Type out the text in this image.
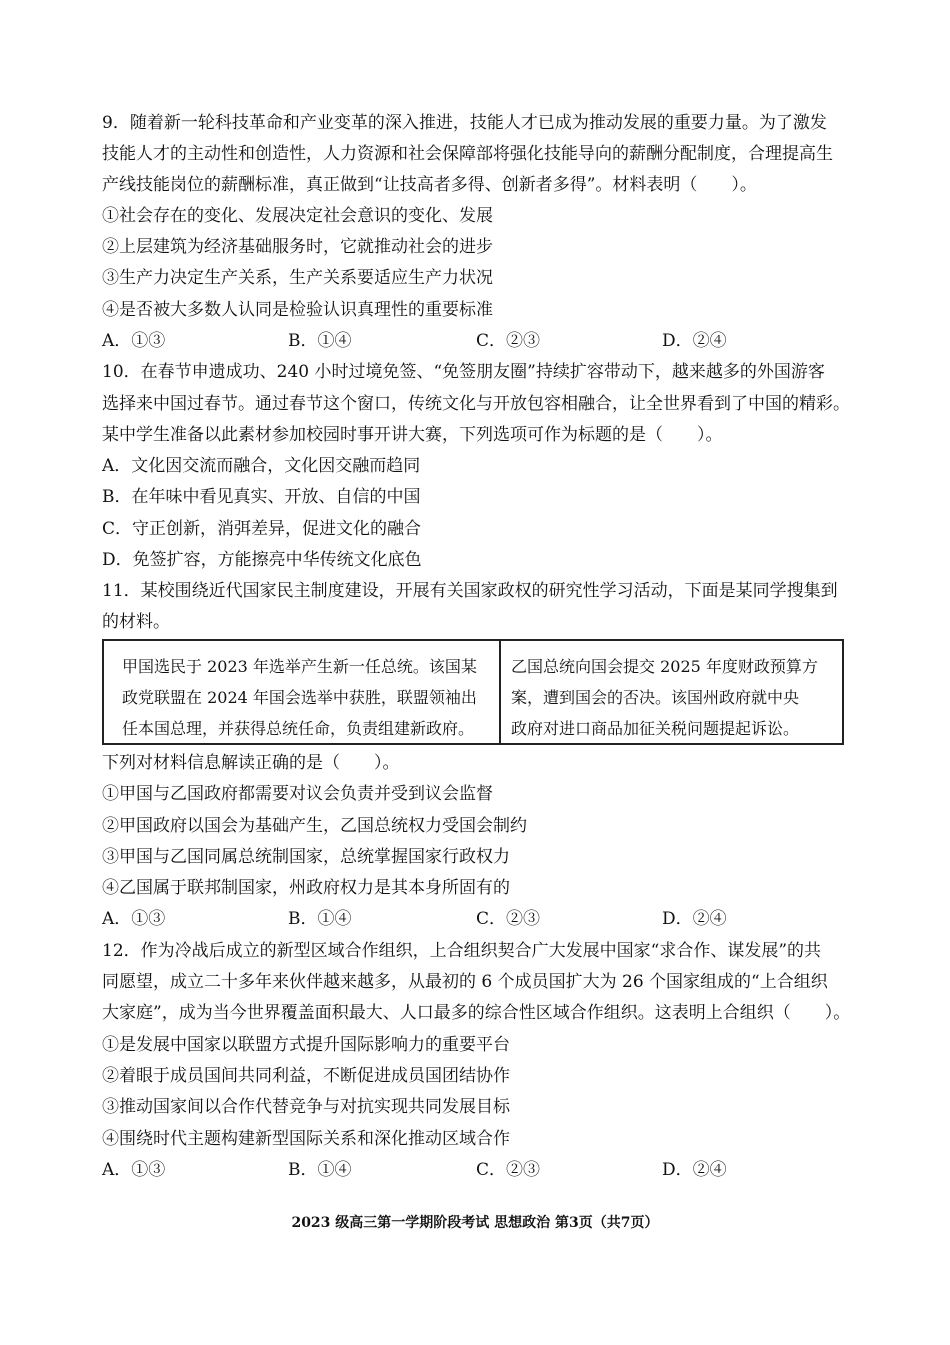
9．随着新一轮科技革命和产业变革的深入推进，技能人才已成为推动发展的重要力量。为了激发
技能人才的主动性和创造性，人力资源和社会保障部将强化技能导向的薪酬分配制度，合理提高生
产线技能岗位的薪酬标准，真正做到“让技高者多得、创新者多得”。材料表明（　　）。
①社会存在的变化、发展决定社会意识的变化、发展
②上层建筑为经济基础服务时，它就推动社会的进步
③生产力决定生产关系，生产关系要适应生产力状况
④是否被大多数人认同是检验认识真理性的重要标准
A．①③	B．①④	C．②③	D．②④
10．在春节申遗成功、240 小时过境免签、“免签朋友圈”持续扩容带动下，越来越多的外国游客
选择来中国过春节。通过春节这个窗口，传统文化与开放包容相融合，让全世界看到了中国的精彩。
某中学生准备以此素材参加校园时事开讲大赛，下列选项可作为标题的是（　　）。
A．文化因交流而融合，文化因交融而趋同
B．在年味中看见真实、开放、自信的中国
C．守正创新，消弭差异，促进文化的融合
D．免签扩容，方能擦亮中华传统文化底色
11．某校围绕近代国家民主制度建设，开展有关国家政权的研究性学习活动，下面是某同学搜集到
的材料。
甲国选民于 2023 年选举产生新一任总统。该国某
政党联盟在 2024 年国会选举中获胜，联盟领袖出
任本国总理，并获得总统任命，负责组建新政府。
乙国总统向国会提交 2025 年度财政预算方
案，遭到国会的否决。该国州政府就中央
政府对进口商品加征关税问题提起诉讼。
下列对材料信息解读正确的是（　　）。
①甲国与乙国政府都需要对议会负责并受到议会监督
②甲国政府以国会为基础产生，乙国总统权力受国会制约
③甲国与乙国同属总统制国家，总统掌握国家行政权力
④乙国属于联邦制国家，州政府权力是其本身所固有的
A．①③	B．①④	C．②③	D．②④
12．作为冷战后成立的新型区域合作组织，上合组织契合广大发展中国家“求合作、谋发展”的共
同愿望，成立二十多年来伙伴越来越多，从最初的 6 个成员国扩大为 26 个国家组成的“上合组织
大家庭”，成为当今世界覆盖面积最大、人口最多的综合性区域合作组织。这表明上合组织（　　）。
①是发展中国家以联盟方式提升国际影响力的重要平台
②着眼于成员国间共同利益，不断促进成员国团结协作
③推动国家间以合作代替竞争与对抗实现共同发展目标
④围绕时代主题构建新型国际关系和深化推动区域合作
A．①③	B．①④	C．②③	D．②④
2023 级高三第一学期阶段考试 思想政治 第3页（共7页）
